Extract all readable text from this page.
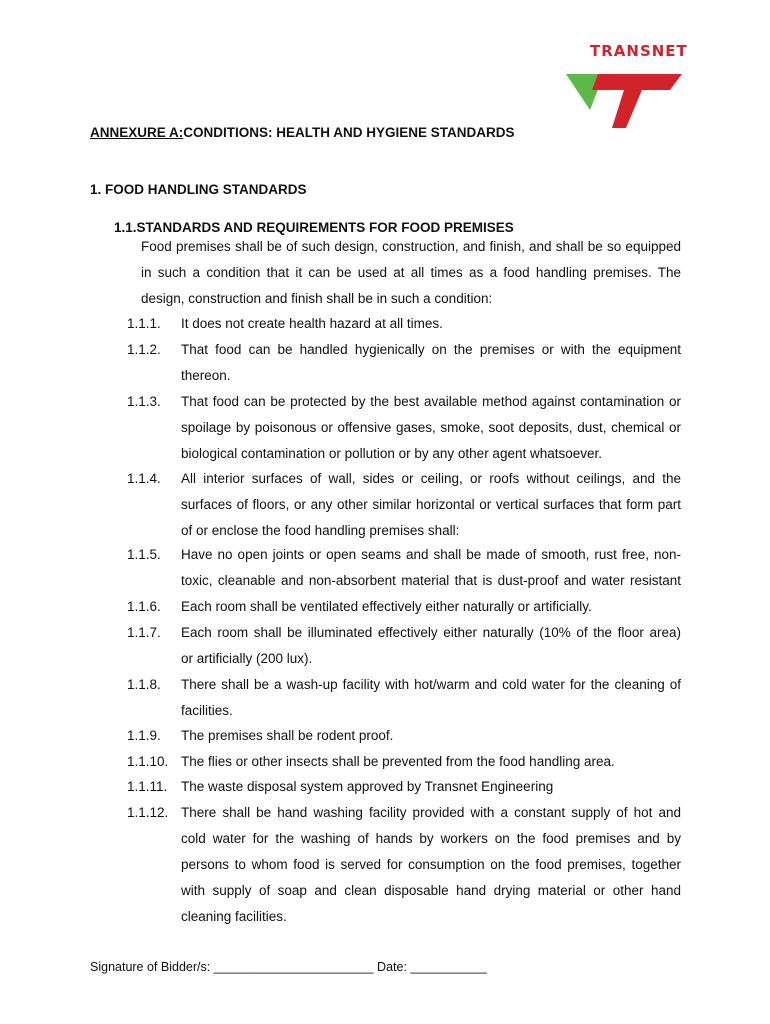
TRANSNET
ANNEXURE A:CONDITIONS: HEALTH AND HYGIENE STANDARDS
1. FOOD HANDLING STANDARDS
1.1.STANDARDS AND REQUIREMENTS FOR FOOD PREMISES
Food premises shall be of such design, construction, and finish, and shall be so equipped
in such a condition that it can be used at all times as a food handling premises. The
design, construction and finish shall be in such a condition:
1.1.1. It does not create health hazard at all times.
1.1.2. That food can be handled hygienically on the premises or with the equipment
thereon.
1.1.3. That food can be protected by the best available method against contamination or
spoilage by poisonous or offensive gases, smoke, soot deposits, dust, chemical or
biological contamination or pollution or by any other agent whatsoever.
1.1.4. All interior surfaces of wall, sides or ceiling, or roofs without ceilings, and the
surfaces of floors, or any other similar horizontal or vertical surfaces that form part
of or enclose the food handling premises shall:
1.1.5. Have no open joints or open seams and shall be made of smooth, rust free, non-
toxic, cleanable and non-absorbent material that is dust-proof and water resistant
1.1.6. Each room shall be ventilated effectively either naturally or artificially.
1.1.7. Each room shall be illuminated effectively either naturally (10% of the floor area)
or artificially (200 lux).
1.1.8. There shall be a wash-up facility with hot/warm and cold water for the cleaning of
facilities.
1.1.9. The premises shall be rodent proof.
1.1.10. The flies or other insects shall be prevented from the food handling area.
1.1.11. The waste disposal system approved by Transnet Engineering
1.1.12. There shall be hand washing facility provided with a constant supply of hot and
cold water for the washing of hands by workers on the food premises and by
persons to whom food is served for consumption on the food premises, together
with supply of soap and clean disposable hand drying material or other hand
cleaning facilities.
Signature of Bidder/s: _______________________ Date: ___________
